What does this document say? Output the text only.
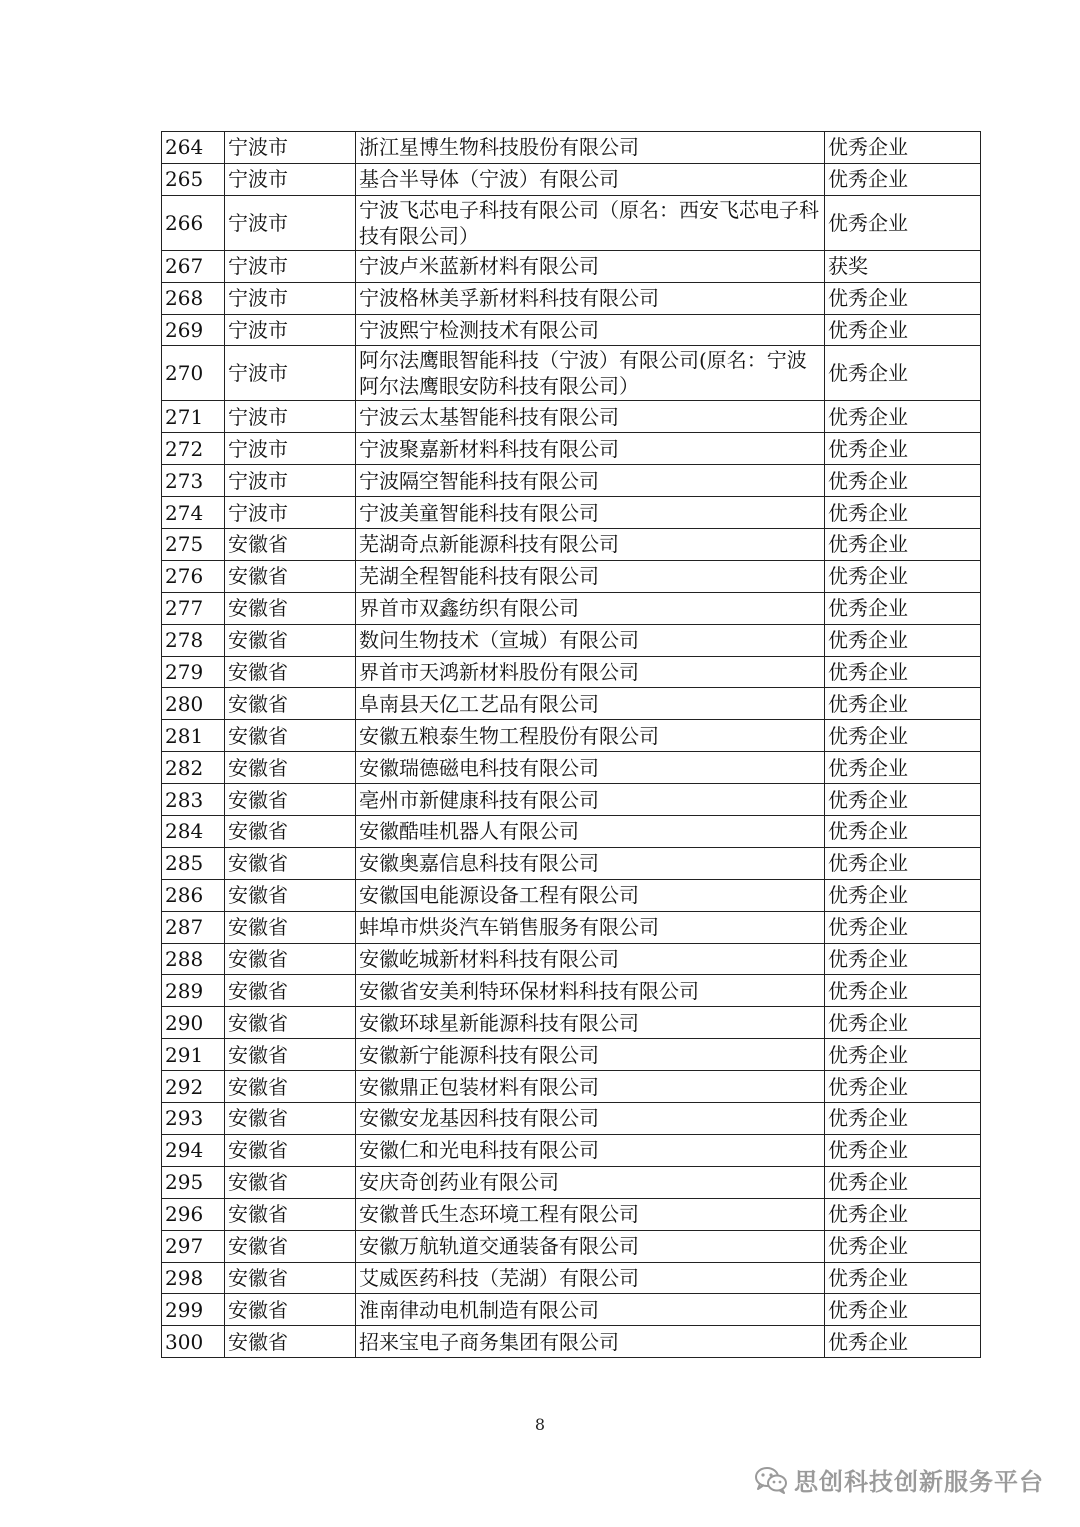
264	宁波市	浙江星博生物科技股份有限公司	优秀企业
265	宁波市	基合半导体（宁波）有限公司	优秀企业
266	宁波市	宁波飞芯电子科技有限公司（原名：西安飞芯电子科技有限公司）	优秀企业
267	宁波市	宁波卢米蓝新材料有限公司	获奖
268	宁波市	宁波格林美孚新材料科技有限公司	优秀企业
269	宁波市	宁波熙宁检测技术有限公司	优秀企业
270	宁波市	阿尔法鹰眼智能科技（宁波）有限公司(原名：宁波阿尔法鹰眼安防科技有限公司）	优秀企业
271	宁波市	宁波云太基智能科技有限公司	优秀企业
272	宁波市	宁波聚嘉新材料科技有限公司	优秀企业
273	宁波市	宁波隔空智能科技有限公司	优秀企业
274	宁波市	宁波美童智能科技有限公司	优秀企业
275	安徽省	芜湖奇点新能源科技有限公司	优秀企业
276	安徽省	芜湖全程智能科技有限公司	优秀企业
277	安徽省	界首市双鑫纺织有限公司	优秀企业
278	安徽省	数问生物技术（宣城）有限公司	优秀企业
279	安徽省	界首市天鸿新材料股份有限公司	优秀企业
280	安徽省	阜南县天亿工艺品有限公司	优秀企业
281	安徽省	安徽五粮泰生物工程股份有限公司	优秀企业
282	安徽省	安徽瑞德磁电科技有限公司	优秀企业
283	安徽省	亳州市新健康科技有限公司	优秀企业
284	安徽省	安徽酷哇机器人有限公司	优秀企业
285	安徽省	安徽奥嘉信息科技有限公司	优秀企业
286	安徽省	安徽国电能源设备工程有限公司	优秀企业
287	安徽省	蚌埠市烘炎汽车销售服务有限公司	优秀企业
288	安徽省	安徽屹城新材料科技有限公司	优秀企业
289	安徽省	安徽省安美利特环保材料科技有限公司	优秀企业
290	安徽省	安徽环球星新能源科技有限公司	优秀企业
291	安徽省	安徽新宁能源科技有限公司	优秀企业
292	安徽省	安徽鼎正包装材料有限公司	优秀企业
293	安徽省	安徽安龙基因科技有限公司	优秀企业
294	安徽省	安徽仁和光电科技有限公司	优秀企业
295	安徽省	安庆奇创药业有限公司	优秀企业
296	安徽省	安徽普氏生态环境工程有限公司	优秀企业
297	安徽省	安徽万航轨道交通装备有限公司	优秀企业
298	安徽省	艾威医药科技（芜湖）有限公司	优秀企业
299	安徽省	淮南律动电机制造有限公司	优秀企业
300	安徽省	招来宝电子商务集团有限公司	优秀企业
8
思创科技创新服务平台
